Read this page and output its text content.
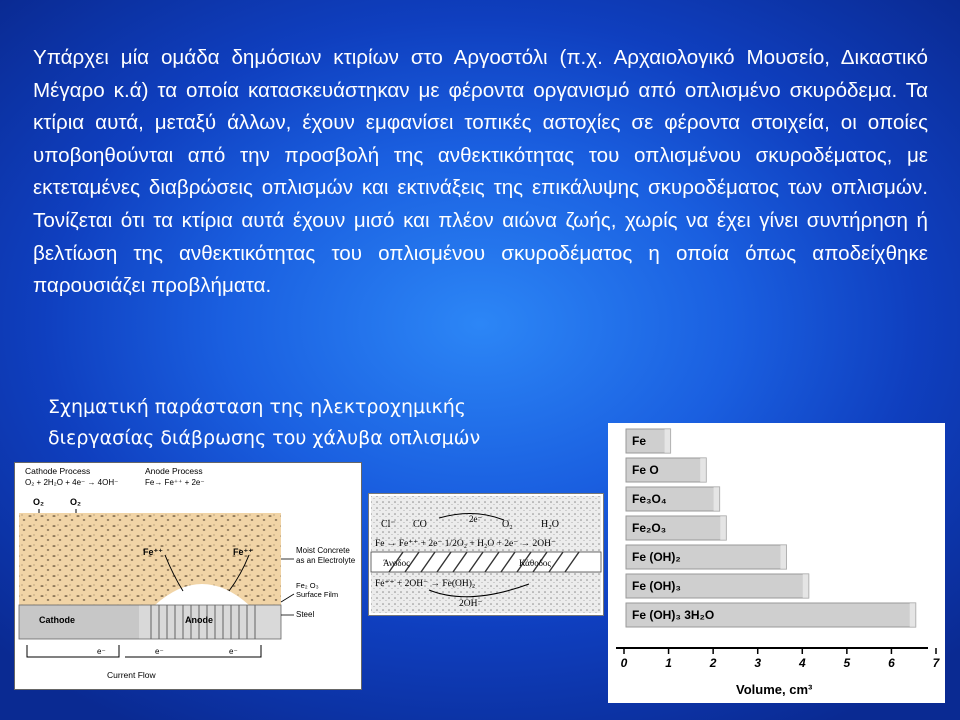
Υπάρχει μία ομάδα δημόσιων κτιρίων στο Αργοστόλι (π.χ. Αρχαιολογικό Μουσείο, Δικαστικό Μέγαρο κ.ά) τα οποία κατασκευάστηκαν με φέροντα οργανισμό από οπλισμένο σκυρόδεμα. Τα κτίρια αυτά, μεταξύ άλλων, έχουν εμφανίσει τοπικές αστοχίες σε φέροντα στοιχεία, οι οποίες υποβοηθούνται από την προσβολή της ανθεκτικότητας του οπλισμένου σκυροδέματος, με εκτεταμένες διαβρώσεις οπλισμών και εκτινάξεις της επικάλυψης σκυροδέματος των οπλισμών. Τονίζεται ότι τα κτίρια αυτά έχουν μισό και πλέον αιώνα ζωής, χωρίς να έχει γίνει συντήρηση ή βελτίωση της ανθεκτικότητας του οπλισμένου σκυροδέματος η οποία όπως αποδείχθηκε παρουσιάζει προβλήματα.
Σχηματική παράσταση της ηλεκτροχημικής
διεργασίας διάβρωσης του χάλυβα οπλισμών
Cathode Process
O₂ + 2H₂O + 4e⁻ → 4OH⁻
Anode Process
Fe→ Fe⁺⁺ + 2e⁻
O₂	O₂
Fe⁺⁺	Fe⁺⁺
Cathode	Anode
Moist Concrete
as an Electrolyte
Fe₂ O₃
Surface Film
Steel
e⁻	e⁻	e⁻
Current Flow
Cl⁻ CO	2e⁻ O₂	H₂O
Fe → Fe⁺⁺ + 2e⁻ 1/2O₂ + H₂O + 2e⁻ → 2OH⁻
Άνοδος	Κάθοδος
Fe⁺⁺ + 2OH⁻ → Fe(OH)₂
2OH⁻
Fe
Fe O
Fe₃O₄
Fe₂O₃
Fe (OH)₂
Fe (OH)₃
Fe (OH)₃ 3H₂O
0	1	2	3	4	5	6	7
Volume, cm³
